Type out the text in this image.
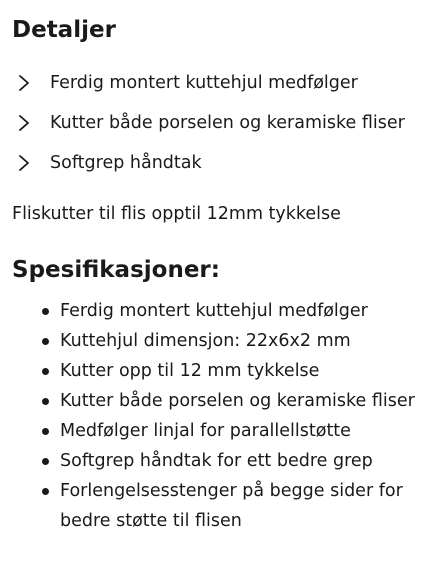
Detaljer
Ferdig montert kuttehjul medfølger
Kutter både porselen og keramiske fliser
Softgrep håndtak

Fliskutter til flis opptil 12mm tykkelse

Spesifikasjoner:
Ferdig montert kuttehjul medfølger
Kuttehjul dimensjon: 22x6x2 mm
Kutter opp til 12 mm tykkelse
Kutter både porselen og keramiske fliser
Medfølger linjal for parallellstøtte
Softgrep håndtak for ett bedre grep
Forlengelsesstenger på begge sider for bedre støtte til flisen
